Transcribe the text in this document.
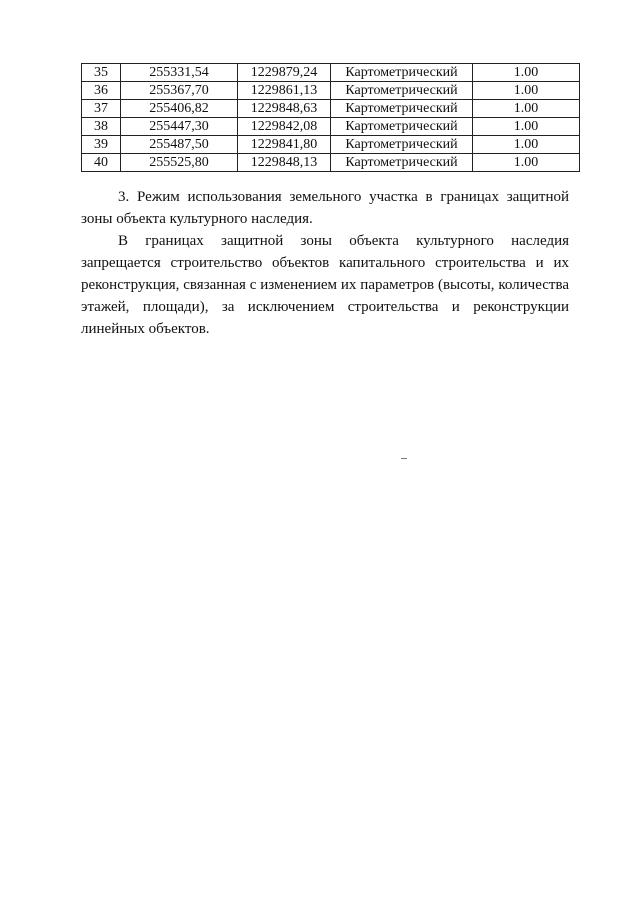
35	255331,54	1229879,24	Картометрический	1.00
36	255367,70	1229861,13	Картометрический	1.00
37	255406,82	1229848,63	Картометрический	1.00
38	255447,30	1229842,08	Картометрический	1.00
39	255487,50	1229841,80	Картометрический	1.00
40	255525,80	1229848,13	Картометрический	1.00

3. Режим использования земельного участка в границах защитной зоны объекта культурного наследия.

В границах защитной зоны объекта культурного наследия запрещается строительство объектов капитального строительства и их реконструкция, связанная с изменением их параметров (высоты, количества этажей, площади), за исключением строительства и реконструкции линейных объектов.
